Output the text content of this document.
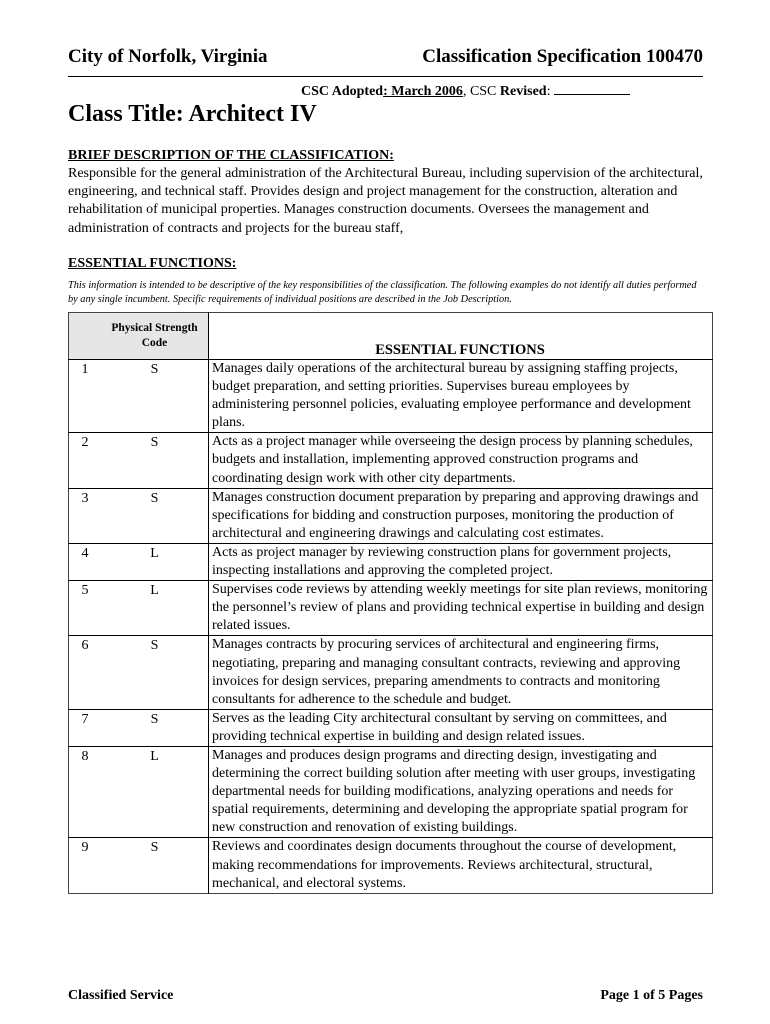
City of Norfolk, Virginia	Classification Specification 100470
CSC Adopted: March 2006, CSC Revised:
Class Title: Architect IV
BRIEF DESCRIPTION OF THE CLASSIFICATION:
Responsible for the general administration of the Architectural Bureau, including supervision of the architectural, engineering, and technical staff. Provides design and project management for the construction, alteration and rehabilitation of municipal properties. Manages construction documents. Oversees the management and administration of contracts and projects for the bureau staff,
ESSENTIAL FUNCTIONS:
This information is intended to be descriptive of the key responsibilities of the classification. The following examples do not identify all duties performed by any single incumbent. Specific requirements of individual positions are described in the Job Description.
	Physical Strength Code	ESSENTIAL FUNCTIONS
1	S	Manages daily operations of the architectural bureau by assigning staffing projects, budget preparation, and setting priorities. Supervises bureau employees by administering personnel policies, evaluating employee performance and development plans.
2	S	Acts as a project manager while overseeing the design process by planning schedules, budgets and installation, implementing approved construction programs and coordinating design work with other city departments.
3	S	Manages construction document preparation by preparing and approving drawings and specifications for bidding and construction purposes, monitoring the production of architectural and engineering drawings and calculating cost estimates.
4	L	Acts as project manager by reviewing construction plans for government projects, inspecting installations and approving the completed project.
5	L	Supervises code reviews by attending weekly meetings for site plan reviews, monitoring the personnel’s review of plans and providing technical expertise in building and design related issues.
6	S	Manages contracts by procuring services of architectural and engineering firms, negotiating, preparing and managing consultant contracts, reviewing and approving invoices for design services, preparing amendments to contracts and monitoring consultants for adherence to the schedule and budget.
7	S	Serves as the leading City architectural consultant by serving on committees, and providing technical expertise in building and design related issues.
8	L	Manages and produces design programs and directing design, investigating and determining the correct building solution after meeting with user groups, investigating departmental needs for building modifications, analyzing operations and needs for spatial requirements, determining and developing the appropriate spatial program for new construction and renovation of existing buildings.
9	S	Reviews and coordinates design documents throughout the course of development, making recommendations for improvements. Reviews architectural, structural, mechanical, and electoral systems.
Classified Service	Page 1 of 5 Pages
